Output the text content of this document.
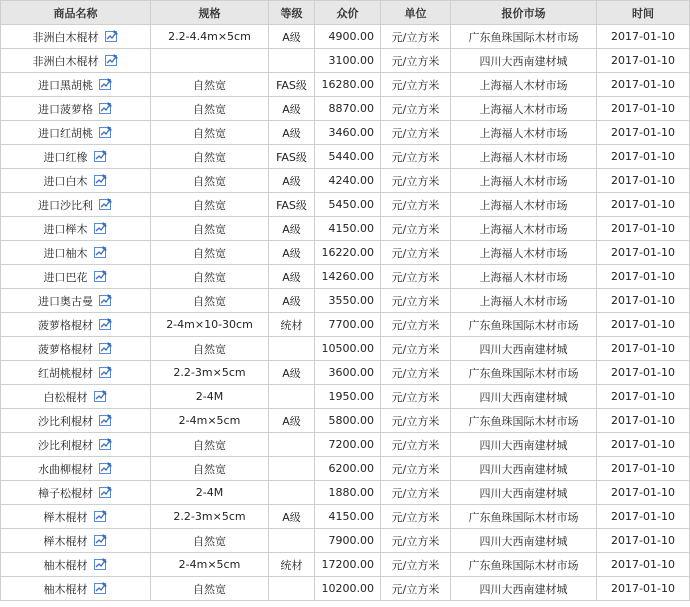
商品名称	规格	等级	众价	单位	报价市场	时间
非洲白木棍材	2.2-4.4m×5cm	A级	4900.00	元/立方米	广东鱼珠国际木材市场	2017-01-10
非洲白木棍材			3100.00	元/立方米	四川大西南建材城	2017-01-10
进口黑胡桃	自然宽	FAS级	16280.00	元/立方米	上海福人木材市场	2017-01-10
进口菠萝格	自然宽	A级	8870.00	元/立方米	上海福人木材市场	2017-01-10
进口红胡桃	自然宽	A级	3460.00	元/立方米	上海福人木材市场	2017-01-10
进口红橡	自然宽	FAS级	5440.00	元/立方米	上海福人木材市场	2017-01-10
进口白木	自然宽	A级	4240.00	元/立方米	上海福人木材市场	2017-01-10
进口沙比利	自然宽	FAS级	5450.00	元/立方米	上海福人木材市场	2017-01-10
进口榉木	自然宽	A级	4150.00	元/立方米	上海福人木材市场	2017-01-10
进口柚木	自然宽	A级	16220.00	元/立方米	上海福人木材市场	2017-01-10
进口巴花	自然宽	A级	14260.00	元/立方米	上海福人木材市场	2017-01-10
进口奥古曼	自然宽	A级	3550.00	元/立方米	上海福人木材市场	2017-01-10
菠萝格棍材	2-4m×10-30cm	统材	7700.00	元/立方米	广东鱼珠国际木材市场	2017-01-10
菠萝格棍材	自然宽		10500.00	元/立方米	四川大西南建材城	2017-01-10
红胡桃棍材	2.2-3m×5cm	A级	3600.00	元/立方米	广东鱼珠国际木材市场	2017-01-10
白松棍材	2-4M		1950.00	元/立方米	四川大西南建材城	2017-01-10
沙比利棍材	2-4m×5cm	A级	5800.00	元/立方米	广东鱼珠国际木材市场	2017-01-10
沙比利棍材	自然宽		7200.00	元/立方米	四川大西南建材城	2017-01-10
水曲柳棍材	自然宽		6200.00	元/立方米	四川大西南建材城	2017-01-10
樟子松棍材	2-4M		1880.00	元/立方米	四川大西南建材城	2017-01-10
榉木棍材	2.2-3m×5cm	A级	4150.00	元/立方米	广东鱼珠国际木材市场	2017-01-10
榉木棍材	自然宽		7900.00	元/立方米	四川大西南建材城	2017-01-10
柚木棍材	2-4m×5cm	统材	17200.00	元/立方米	广东鱼珠国际木材市场	2017-01-10
柚木棍材	自然宽		10200.00	元/立方米	四川大西南建材城	2017-01-10
